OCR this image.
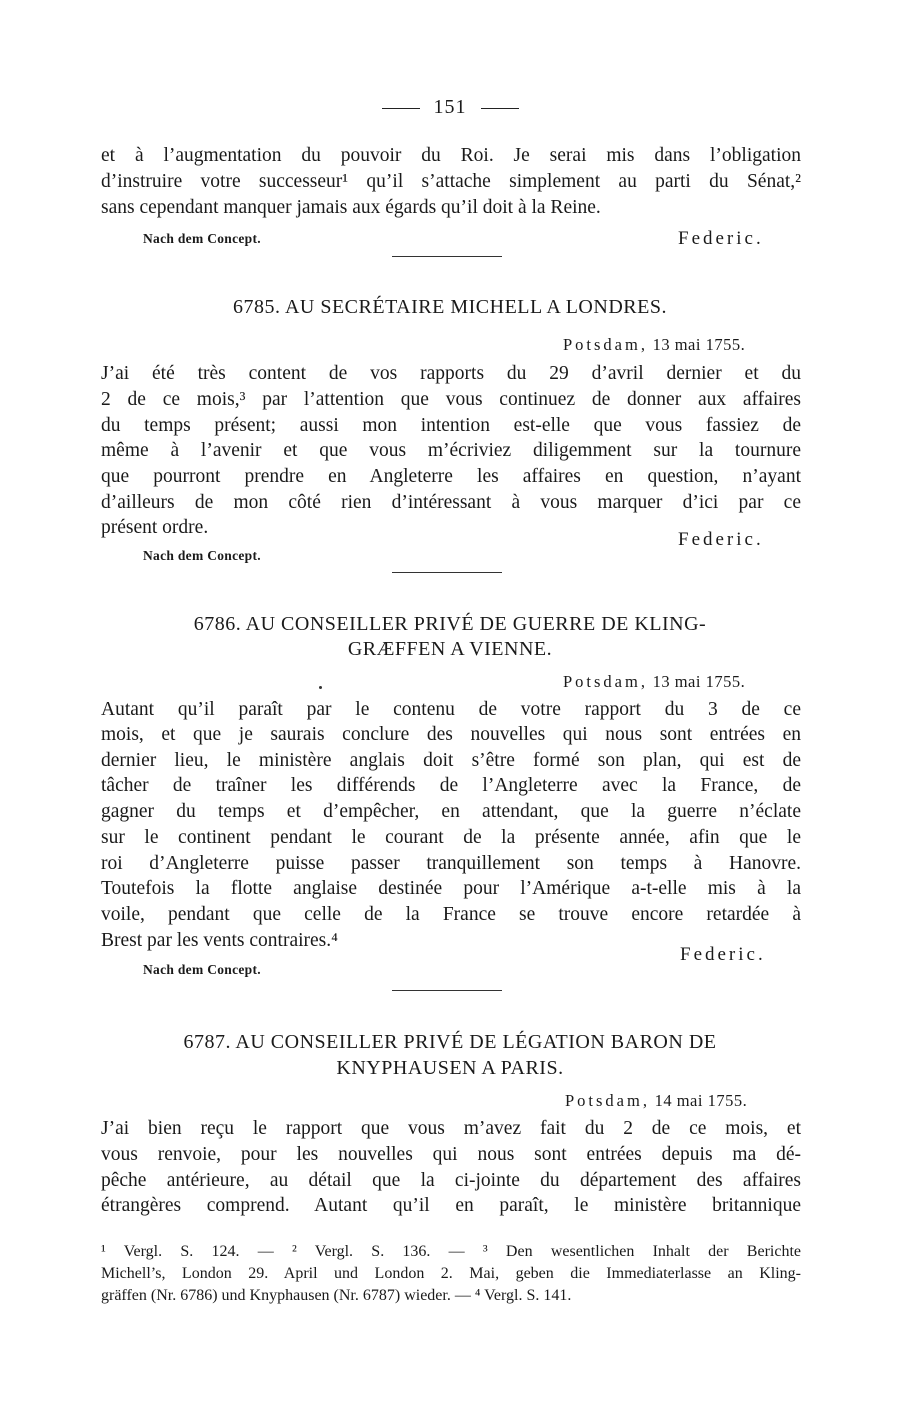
151
et à l’augmentation du pouvoir du Roi. Je serai mis dans l’obligation
d’instruire votre successeur¹ qu’il s’attache simplement au parti du Sénat,²
sans cependant manquer jamais aux égards qu’il doit à la Reine.
Nach dem Concept.	Federic.
6785. AU SECRÉTAIRE MICHELL A LONDRES.
Potsdam, 13 mai 1755.
J’ai été très content de vos rapports du 29 d’avril dernier et du
2 de ce mois,³ par l’attention que vous continuez de donner aux affaires
du temps présent; aussi mon intention est-elle que vous fassiez de
même à l’avenir et que vous m’écriviez diligemment sur la tournure
que pourront prendre en Angleterre les affaires en question, n’ayant
d’ailleurs de mon côté rien d’intéressant à vous marquer d’ici par ce
présent ordre.
Federic.
Nach dem Concept.
6786. AU CONSEILLER PRIVÉ DE GUERRE DE KLING-
GRÆFFEN A VIENNE.
Potsdam, 13 mai 1755.
Autant qu’il paraît par le contenu de votre rapport du 3 de ce
mois, et que je saurais conclure des nouvelles qui nous sont entrées en
dernier lieu, le ministère anglais doit s’être formé son plan, qui est de
tâcher de traîner les différends de l’Angleterre avec la France, de
gagner du temps et d’empêcher, en attendant, que la guerre n’éclate
sur le continent pendant le courant de la présente année, afin que le
roi d’Angleterre puisse passer tranquillement son temps à Hanovre.
Toutefois la flotte anglaise destinée pour l’Amérique a-t-elle mis à la
voile, pendant que celle de la France se trouve encore retardée à
Brest par les vents contraires.⁴
Federic.
Nach dem Concept.
6787. AU CONSEILLER PRIVÉ DE LÉGATION BARON DE
KNYPHAUSEN A PARIS.
Potsdam, 14 mai 1755.
J’ai bien reçu le rapport que vous m’avez fait du 2 de ce mois, et
vous renvoie, pour les nouvelles qui nous sont entrées depuis ma dé-
pêche antérieure, au détail que la ci-jointe du département des affaires
étrangères comprend. Autant qu’il en paraît, le ministère britannique
¹ Vergl. S. 124. — ² Vergl. S. 136. — ³ Den wesentlichen Inhalt der Berichte
Michell’s, London 29. April und London 2. Mai, geben die Immediaterlasse an Kling-
gräffen (Nr. 6786) und Knyphausen (Nr. 6787) wieder. — ⁴ Vergl. S. 141.
